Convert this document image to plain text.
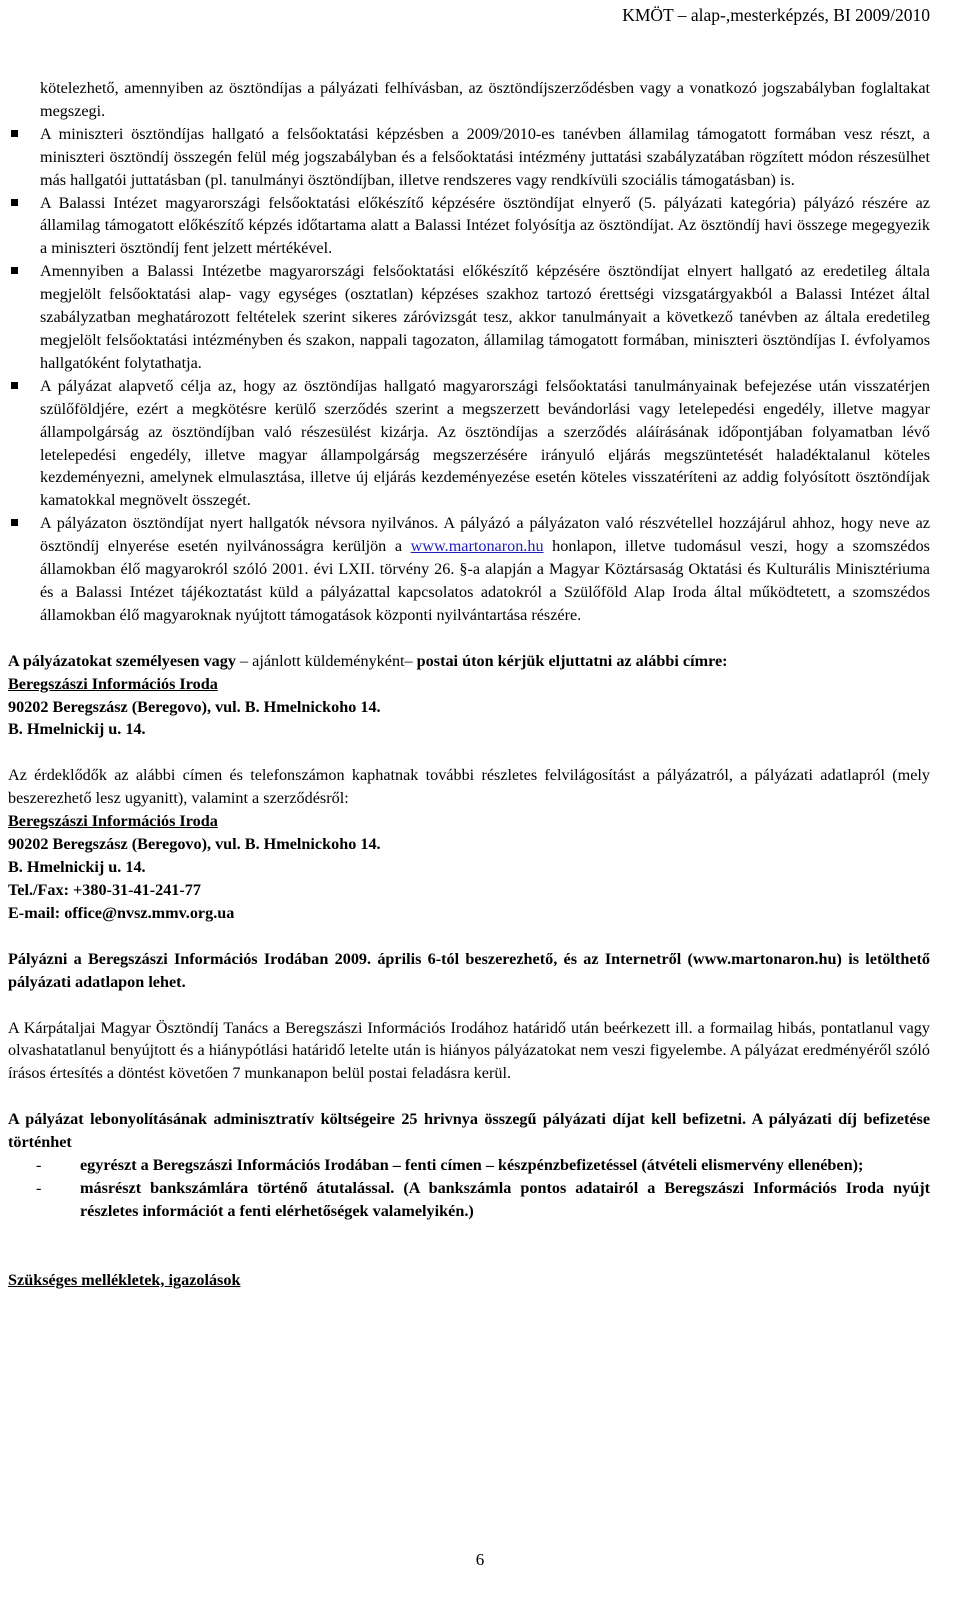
KMÖT – alap-,mesterképzés, BI 2009/2010

kötelezhető, amennyiben az ösztöndíjas a pályázati felhívásban, az ösztöndíjszerződésben vagy a vonatkozó jogszabályban foglaltakat megszegi.

A miniszteri ösztöndíjas hallgató a felsőoktatási képzésben a 2009/2010-es tanévben államilag támogatott formában vesz részt, a miniszteri ösztöndíj összegén felül még jogszabályban és a felsőoktatási intézmény juttatási szabályzatában rögzített módon részesülhet más hallgatói juttatásban (pl. tanulmányi ösztöndíjban, illetve rendszeres vagy rendkívüli szociális támogatásban) is.
A Balassi Intézet magyarországi felsőoktatási előkészítő képzésére ösztöndíjat elnyerő (5. pályázati kategória) pályázó részére az államilag támogatott előkészítő képzés időtartama alatt a Balassi Intézet folyósítja az ösztöndíjat. Az ösztöndíj havi összege megegyezik a miniszteri ösztöndíj fent jelzett mértékével.
Amennyiben a Balassi Intézetbe magyarországi felsőoktatási előkészítő képzésére ösztöndíjat elnyert hallgató az eredetileg általa megjelölt felsőoktatási alap- vagy egységes (osztatlan) képzéses szakhoz tartozó érettségi vizsgatárgyakból a Balassi Intézet által szabályzatban meghatározott feltételek szerint sikeres záróvizsgát tesz, akkor tanulmányait a következő tanévben az általa eredetileg megjelölt felsőoktatási intézményben és szakon, nappali tagozaton, államilag támogatott formában, miniszteri ösztöndíjas I. évfolyamos hallgatóként folytathatja.
A pályázat alapvető célja az, hogy az ösztöndíjas hallgató magyarországi felsőoktatási tanulmányainak befejezése után visszatérjen szülőföldjére, ezért a megkötésre kerülő szerződés szerint a megszerzett bevándorlási vagy letelepedési engedély, illetve magyar állampolgárság az ösztöndíjban való részesülést kizárja. Az ösztöndíjas a szerződés aláírásának időpontjában folyamatban lévő letelepedési engedély, illetve magyar állampolgárság megszerzésére irányuló eljárás megszüntetését haladéktalanul köteles kezdeményezni, amelynek elmulasztása, illetve új eljárás kezdeményezése esetén köteles visszatéríteni az addig folyósított ösztöndíjak kamatokkal megnövelt összegét.
A pályázaton ösztöndíjat nyert hallgatók névsora nyilvános. A pályázó a pályázaton való részvétellel hozzájárul ahhoz, hogy neve az ösztöndíj elnyerése esetén nyilvánosságra kerüljön a www.martonaron.hu honlapon, illetve tudomásul veszi, hogy a szomszédos államokban élő magyarokról szóló 2001. évi LXII. törvény 26. §-a alapján a Magyar Köztársaság Oktatási és Kulturális Minisztériuma és a Balassi Intézet tájékoztatást küld a pályázattal kapcsolatos adatokról a Szülőföld Alap Iroda által működtetett, a szomszédos államokban élő magyaroknak nyújtott támogatások központi nyilvántartása részére.

A pályázatokat személyesen vagy – ajánlott küldeményként– postai úton kérjük eljuttatni az alábbi címre:

Beregszászi Információs Iroda

90202 Beregszász (Beregovo), vul. B. Hmelnickoho 14.

B. Hmelnickij u. 14.

Az érdeklődők az alábbi címen és telefonszámon kaphatnak további részletes felvilágosítást a pályázatról, a pályázati adatlapról (mely beszerezhető lesz ugyanitt), valamint a szerződésről:

Beregszászi Információs Iroda

90202 Beregszász (Beregovo), vul. B. Hmelnickoho 14.

B. Hmelnickij u. 14.

Tel./Fax: +380-31-41-241-77

E-mail: office@nvsz.mmv.org.ua

Pályázni a Beregszászi Információs Irodában 2009. április 6-tól beszerezhető, és az Internetről (www.martonaron.hu) is letölthető pályázati adatlapon lehet.

A Kárpátaljai Magyar Ösztöndíj Tanács a Beregszászi Információs Irodához határidő után beérkezett ill. a formailag hibás, pontatlanul vagy olvashatatlanul benyújtott és a hiánypótlási határidő letelte után is hiányos pályázatokat nem veszi figyelembe. A pályázat eredményéről szóló írásos értesítés a döntést követően 7 munkanapon belül postai feladásra kerül.

A pályázat lebonyolításának adminisztratív költségeire 25 hrivnya összegű pályázati díjat kell befizetni. A pályázati díj befizetése történhet

- egyrészt a Beregszászi Információs Irodában – fenti címen – készpénzbefizetéssel (átvételi elismervény ellenében);
- másrészt bankszámlára történő átutalással. (A bankszámla pontos adatairól a Beregszászi Információs Iroda nyújt részletes információt a fenti elérhetőségek valamelyikén.)

Szükséges mellékletek, igazolások

6
